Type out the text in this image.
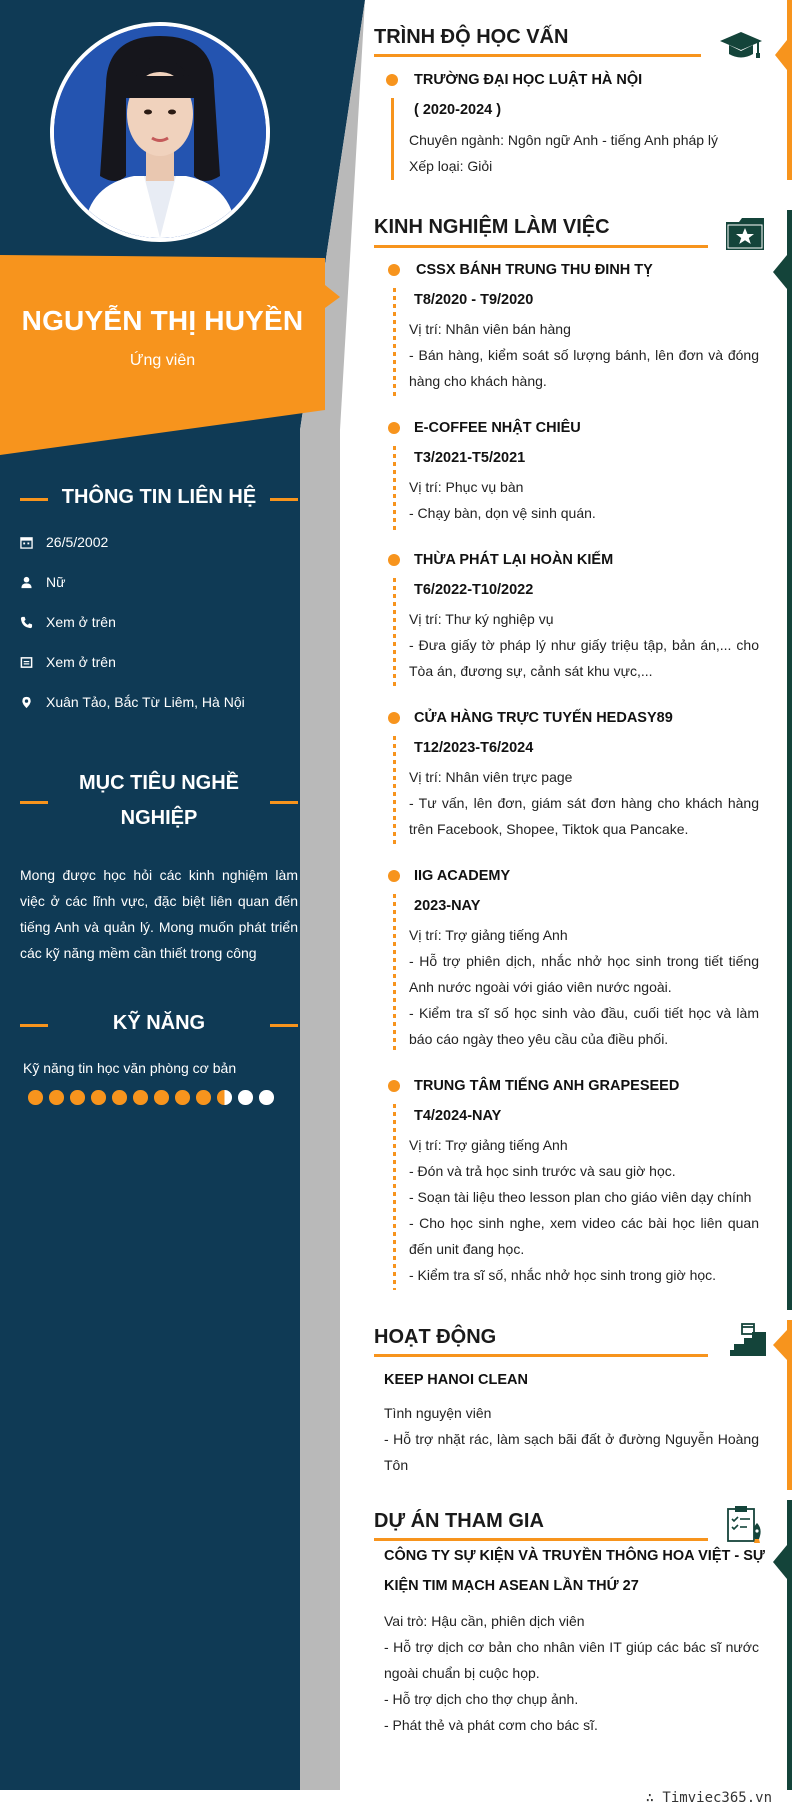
NGUYỄN THỊ HUYỀN
Ứng viên
THÔNG TIN LIÊN HỆ
26/5/2002
Nữ
Xem ở trên
Xem ở trên
Xuân Tảo, Bắc Từ Liêm, Hà Nội
MỤC TIÊU NGHỀ
NGHIỆP
Mong được học hỏi các kinh nghiệm làm việc ở các lĩnh vực, đặc biệt liên quan đến tiếng Anh và quản lý. Mong muốn phát triển các kỹ năng mềm cần thiết trong công
KỸ NĂNG
Kỹ năng tin học văn phòng cơ bản
TRÌNH ĐỘ HỌC VẤN
TRƯỜNG ĐẠI HỌC LUẬT HÀ NỘI
( 2020-2024 )
Chuyên ngành: Ngôn ngữ Anh - tiếng Anh pháp lý
Xếp loại: Giỏi
KINH NGHIỆM LÀM VIỆC
CSSX BÁNH TRUNG THU ĐINH TỴ
T8/2020 - T9/2020
Vị trí: Nhân viên bán hàng
- Bán hàng, kiểm soát số lượng bánh, lên đơn và đóng hàng cho khách hàng.
E-COFFEE NHẬT CHIÊU
T3/2021-T5/2021
Vị trí: Phục vụ bàn
- Chạy bàn, dọn vệ sinh quán.
THỪA PHÁT LẠI HOÀN KIẾM
T6/2022-T10/2022
Vị trí: Thư ký nghiệp vụ
- Đưa giấy tờ pháp lý như giấy triệu tập, bản án,... cho Tòa án, đương sự, cảnh sát khu vực,...
CỬA HÀNG TRỰC TUYẾN HEDASY89
T12/2023-T6/2024
Vị trí: Nhân viên trực page
- Tư vấn, lên đơn, giám sát đơn hàng cho khách hàng trên Facebook, Shopee, Tiktok qua Pancake.
IIG ACADEMY
2023-NAY
Vị trí: Trợ giảng tiếng Anh
- Hỗ trợ phiên dịch, nhắc nhở học sinh trong tiết tiếng Anh nước ngoài với giáo viên nước ngoài.
- Kiểm tra sĩ số học sinh vào đầu, cuối tiết học và làm báo cáo ngày theo yêu cầu của điều phối.
TRUNG TÂM TIẾNG ANH GRAPESEED
T4/2024-NAY
Vị trí: Trợ giảng tiếng Anh
- Đón và trả học sinh trước và sau giờ học.
- Soạn tài liệu theo lesson plan cho giáo viên dạy chính
- Cho học sinh nghe, xem video các bài học liên quan đến unit đang học.
- Kiểm tra sĩ số, nhắc nhở học sinh trong giờ học.
HOẠT ĐỘNG
KEEP HANOI CLEAN
Tình nguyện viên
- Hỗ trợ nhặt rác, làm sạch bãi đất ở đường Nguyễn Hoàng Tôn
DỰ ÁN THAM GIA
CÔNG TY SỰ KIỆN VÀ TRUYỀN THÔNG HOA VIỆT - SỰ
KIỆN TIM MẠCH ASEAN LẦN THỨ 27
Vai trò: Hậu cần, phiên dịch viên
- Hỗ trợ dịch cơ bản cho nhân viên IT giúp các bác sĩ nước ngoài chuẩn bị cuộc họp.
- Hỗ trợ dịch cho thợ chụp ảnh.
- Phát thẻ và phát cơm cho bác sĩ.
∴ Timviec365.vn
